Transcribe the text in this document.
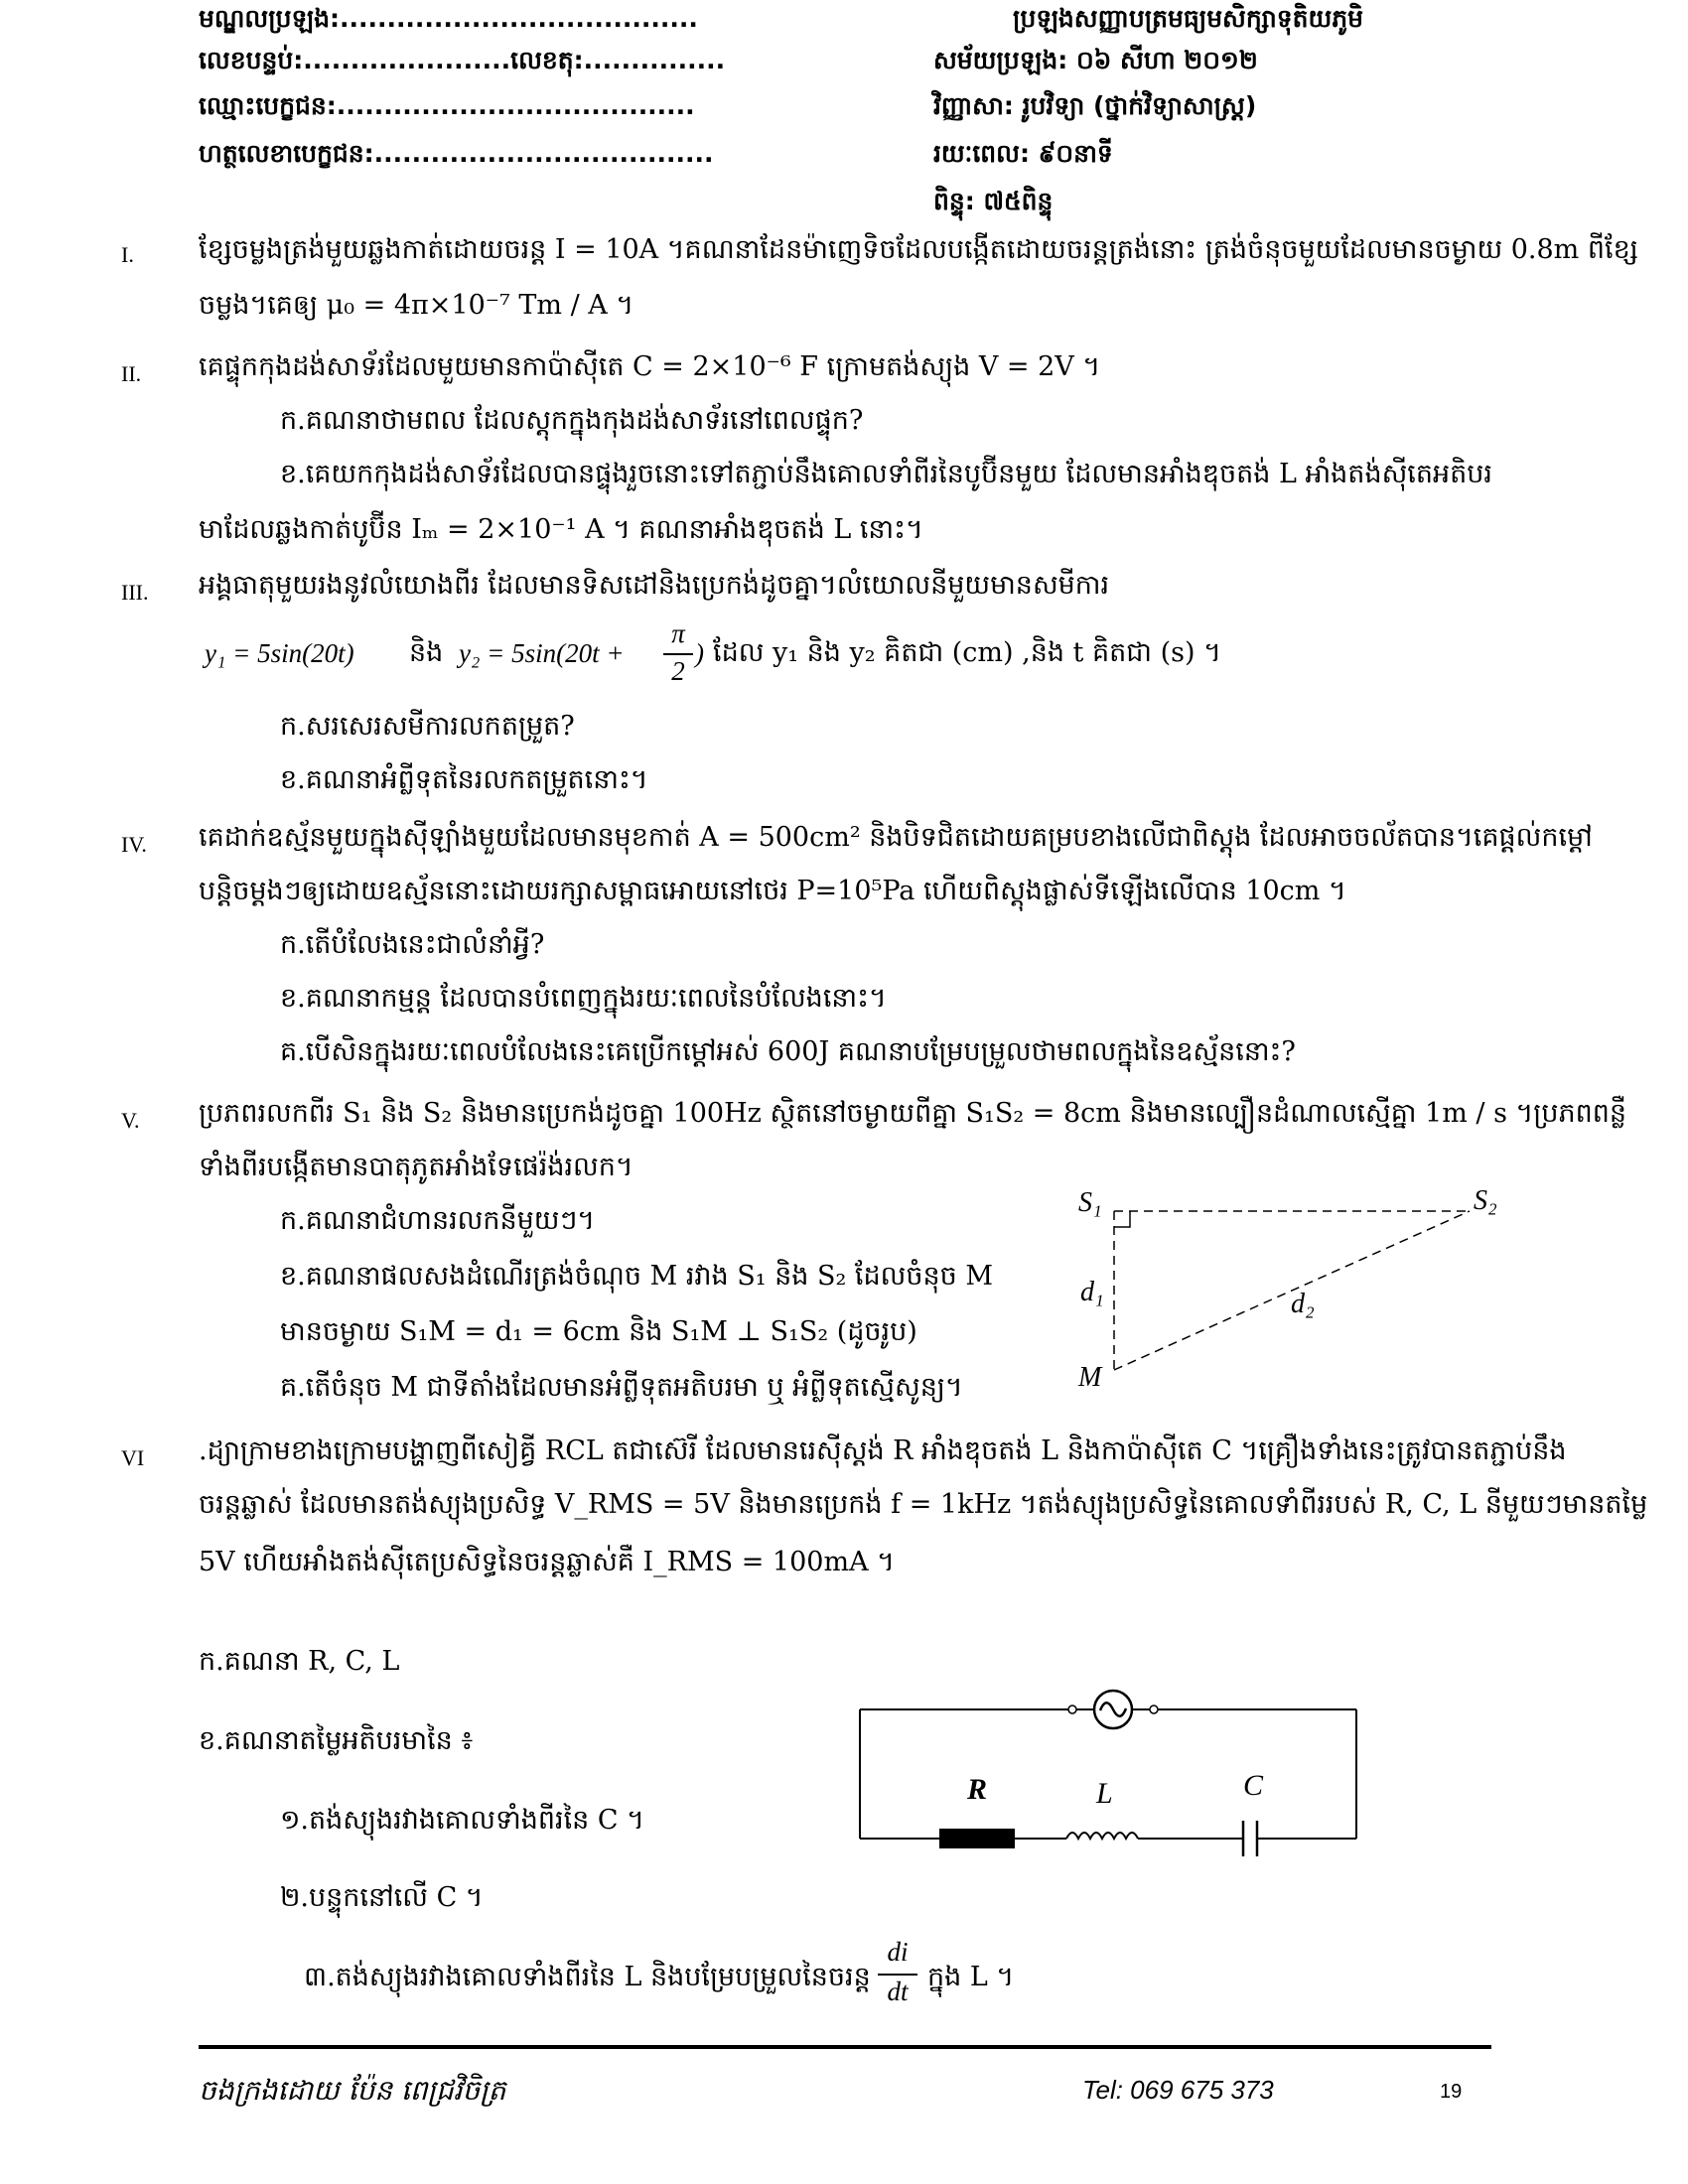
មណ្ឌលប្រឡង:......................................
លេខបន្ទប់:......................លេខតុ:...............
ឈ្មោះបេក្ខជន:......................................
ហត្ថលេខាបេក្ខជន:....................................
ប្រឡងសញ្ញាបត្រមធ្យមសិក្សាទុតិយភូមិ
សម័យប្រឡង: ០៦ សីហា ២០១២
វិញ្ញាសា: រូបវិទ្យា (ថ្នាក់វិទ្យាសាស្ត្រ)
រយៈពេល: ៩០នាទី
ពិន្ទុ: ៧៥ពិន្ទុ
I. ខ្សែចម្លងត្រង់មួយឆ្លងកាត់ដោយចរន្ត I = 10A ។គណនាដែនម៉ាញេទិចដែលបង្កើតដោយចរន្តត្រង់នោះ ត្រង់ចំនុចមួយដែលមានចម្ងាយ 0.8m ពីខ្សែ
ចម្លង។គេឲ្យ μ₀ = 4π×10⁻⁷ Tm / A ។
II. គេផ្ទុកកុងដង់សាទ័រដែលមួយមានកាប៉ាស៊ីតេ C = 2×10⁻⁶ F ក្រោមតង់ស្យុង V = 2V ។
ក.គណនាថាមពល ដែលស្តុកក្នុងកុងដង់សាទ័រនៅពេលផ្ទុក?
ខ.គេយកកុងដង់សាទ័រដែលបានផ្ទុងរួចនោះទៅតភ្ជាប់នឹងគោលទាំពីរនៃបូប៊ីនមួយ ដែលមានអាំងឌុចតង់ L អាំងតង់ស៊ីតេអតិបរ
មាដែលឆ្លងកាត់បូប៊ីន Iₘ = 2×10⁻¹ A ។ គណនាអាំងឌុចតង់ L នោះ។
III. អង្គធាតុមួយរងនូវលំយោងពីរ ដែលមានទិសដៅនិងប្រេកង់ដូចគ្នា។លំយោលនីមួយមានសមីការ
y₁ = 5sin(20t) និង y₂ = 5sin(20t +
π
2
) ដែល y₁ និង y₂ គិតជា (cm) ,និង t គិតជា (s) ។
ក.សរសេរសមីការលកតម្រួត?
ខ.គណនាអំព្លីទុតនៃរលកតម្រួតនោះ។
IV. គេដាក់ឧស្ម័នមួយក្នុងស៊ីឡាំងមួយដែលមានមុខកាត់ A = 500cm² និងបិទជិតដោយគម្របខាងលើជាពិស្តុង ដែលអាចចល័តបាន។គេផ្តល់កម្តៅ
បន្តិចម្តងៗឲ្យដោយឧស្ម័ននោះដោយរក្សាសម្ពាធអោយនៅថេរ P=10⁵Pa ហើយពិស្តុងផ្លាស់ទីឡើងលើបាន 10cm ។
ក.តើបំលែងនេះជាលំនាំអ្វី?
ខ.គណនាកម្មន្ត ដែលបានបំពេញក្នុងរយៈពេលនៃបំលែងនោះ។
គ.បើសិនក្នុងរយៈពេលបំលែងនេះគេប្រើកម្តៅអស់ 600J គណនាបម្រែបម្រួលថាមពលក្នុងនៃឧស្ម័ននោះ?
V. ប្រភពរលកពីរ S₁ និង S₂ និងមានប្រេកង់ដូចគ្នា 100Hz ស្ថិតនៅចម្ងាយពីគ្នា S₁S₂ = 8cm និងមានល្បឿនដំណាលស្មើគ្នា 1m / s ។ប្រភពពន្លឺ
ទាំងពីរបង្កើតមានបាតុភូតអាំងទែផេរ៉ង់រលក។
ក.គណនាជំហានរលកនីមួយៗ។
ខ.គណនាផលសងដំណើរត្រង់ចំណុច M រវាង S₁ និង S₂ ដែលចំនុច M
មានចម្ងាយ S₁M = d₁ = 6cm និង S₁M ⊥ S₁S₂ (ដូចរូប)
គ.តើចំនុច M ជាទីតាំងដែលមានអំព្លីទុតអតិបរមា ឬ អំព្លីទុតស្មើសូន្យ។
S₁	S₂
d₁	d₂
M
VI .ដ្យាក្រាមខាងក្រោមបង្ហាញពីសៀគ្វី RCL តជាស៊េរី ដែលមានរេស៊ីស្តង់ R អាំងឌុចតង់ L និងកាប៉ាស៊ីតេ C ។គ្រឿងទាំងនេះត្រូវបានតភ្ជាប់នឹង
ចរន្តឆ្លាស់ ដែលមានតង់ស្យុងប្រសិទ្ធ V_RMS = 5V និងមានប្រេកង់ f = 1kHz ។តង់ស្យុងប្រសិទ្ធនៃគោលទាំពីររបស់ R, C, L នីមួយៗមានតម្លៃ
5V ហើយអាំងតង់ស៊ីតេប្រសិទ្ធនៃចរន្តឆ្លាស់គឺ I_RMS = 100mA ។
ក.គណនា R, C, L
ខ.គណនាតម្លៃអតិបរមានៃ ៖
១.តង់ស្យុងរវាងគោលទាំងពីរនៃ C ។
២.បន្ទុកនៅលើ C ។
៣.តង់ស្យុងរវាងគោលទាំងពីរនៃ L និងបម្រែបម្រួលនៃចរន្ត
di
dt ក្នុង L ។
R	L	C
ចងក្រងដោយ ប៉ែន ពេជ្រវិចិត្រ	Tel: 069 675 373	19
